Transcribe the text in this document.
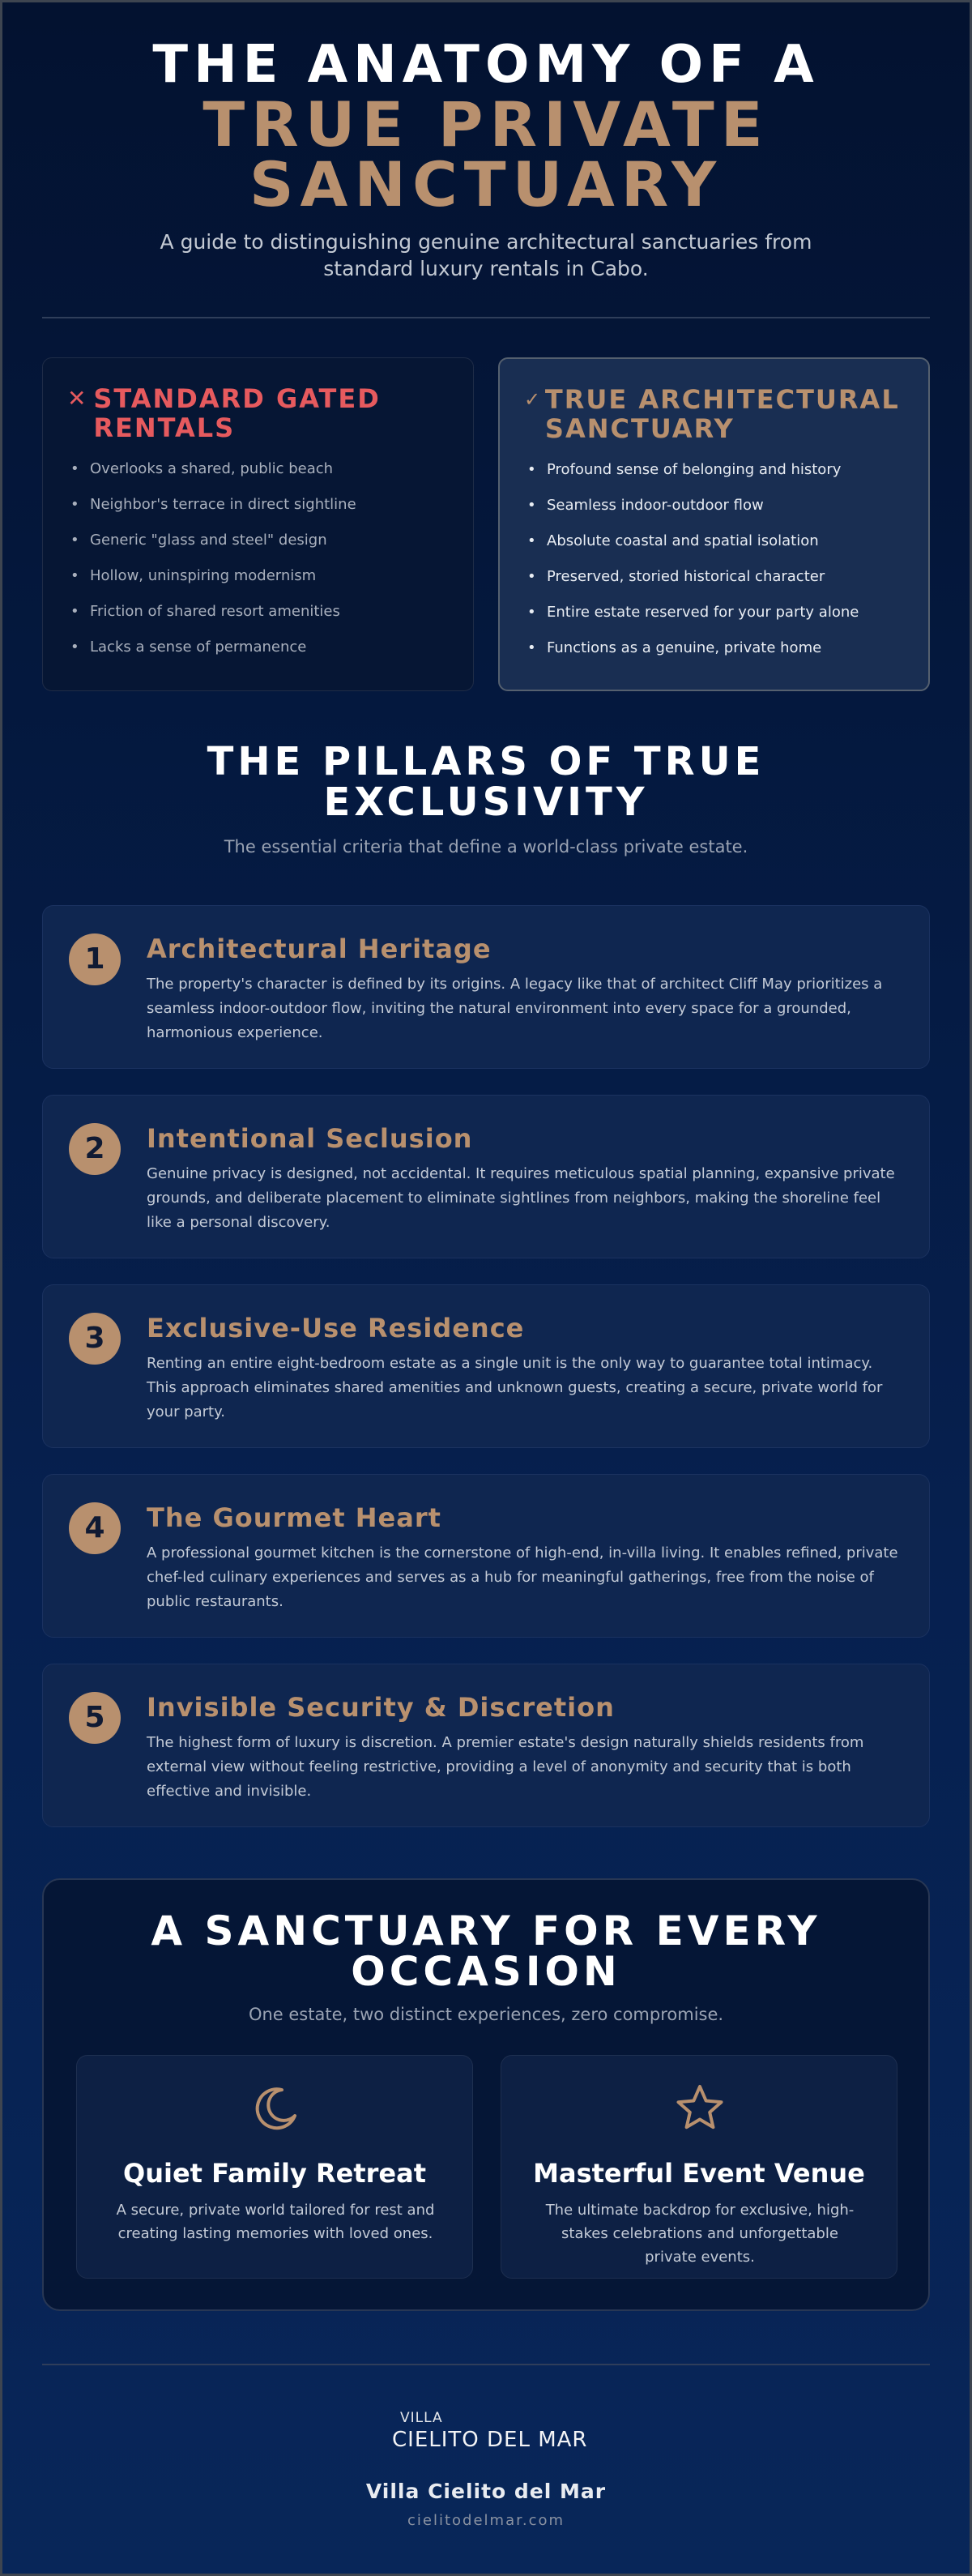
THE ANATOMY OF A
TRUE PRIVATE
SANCTUARY

A guide to distinguishing genuine architectural sanctuaries from standard luxury rentals in Cabo.

✕ STANDARD GATED RENTALS
• Overlooks a shared, public beach
• Neighbor's terrace in direct sightline
• Generic "glass and steel" design
• Hollow, uninspiring modernism
• Friction of shared resort amenities
• Lacks a sense of permanence
✓ TRUE ARCHITECTURAL SANCTUARY
• Profound sense of belonging and history
• Seamless indoor-outdoor flow
• Absolute coastal and spatial isolation
• Preserved, storied historical character
• Entire estate reserved for your party alone
• Functions as a genuine, private home
THE PILLARS OF TRUE
EXCLUSIVITY

The essential criteria that define a world-class private estate.

1	Architectural Heritage

The property's character is defined by its origins. A legacy like that of architect Cliff May prioritizes a seamless indoor-outdoor flow, inviting the natural environment into every space for a grounded, harmonious experience.

2	Intentional Seclusion

Genuine privacy is designed, not accidental. It requires meticulous spatial planning, expansive private grounds, and deliberate placement to eliminate sightlines from neighbors, making the shoreline feel like a personal discovery.

3	Exclusive-Use Residence

Renting an entire eight-bedroom estate as a single unit is the only way to guarantee total intimacy. This approach eliminates shared amenities and unknown guests, creating a secure, private world for your party.

4	The Gourmet Heart

A professional gourmet kitchen is the cornerstone of high-end, in-villa living. It enables refined, private chef-led culinary experiences and serves as a hub for meaningful gatherings, free from the noise of public restaurants.

5	Invisible Security & Discretion

The highest form of luxury is discretion. A premier estate's design naturally shields residents from external view without feeling restrictive, providing a level of anonymity and security that is both effective and invisible.

A SANCTUARY FOR EVERY
OCCASION

One estate, two distinct experiences, zero compromise.

Quiet Family Retreat

A secure, private world tailored for rest and creating lasting memories with loved ones.

Masterful Event Venue

The ultimate backdrop for exclusive, high-stakes celebrations and unforgettable private events.

VILLA
CIELITO DEL MAR
Villa Cielito del Mar
cielitodelmar.com
